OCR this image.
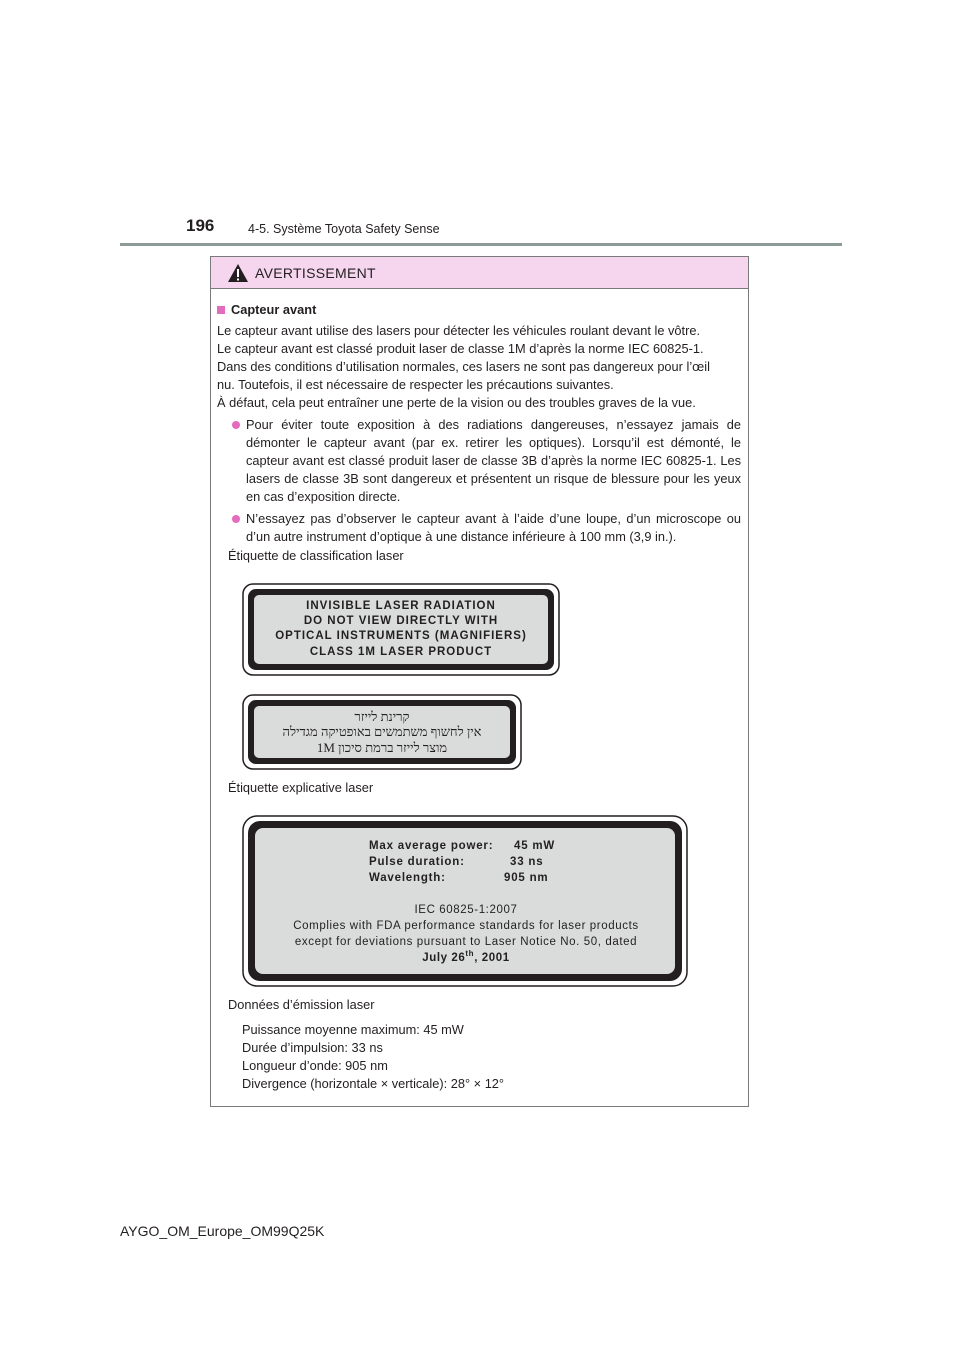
196	4-5. Système Toyota Safety Sense
AVERTISSEMENT
Capteur avant
Le capteur avant utilise des lasers pour détecter les véhicules roulant devant le vôtre.
Le capteur avant est classé produit laser de classe 1M d’après la norme IEC 60825-1.
Dans des conditions d’utilisation normales, ces lasers ne sont pas dangereux pour l’œil
nu. Toutefois, il est nécessaire de respecter les précautions suivantes.
À défaut, cela peut entraîner une perte de la vision ou des troubles graves de la vue.
Pour éviter toute exposition à des radiations dangereuses, n’essayez jamais de démonter le capteur avant (par ex. retirer les optiques). Lorsqu’il est démonté, le capteur avant est classé produit laser de classe 3B d’après la norme IEC 60825-1. Les lasers de classe 3B sont dangereux et présentent un risque de blessure pour les yeux en cas d’exposition directe.
N’essayez pas d’observer le capteur avant à l’aide d’une loupe, d’un microscope ou d’un autre instrument d’optique à une distance inférieure à 100 mm (3,9 in.).
Étiquette de classification laser
INVISIBLE LASER RADIATION
DO NOT VIEW DIRECTLY WITH
OPTICAL INSTRUMENTS (MAGNIFIERS)
CLASS 1M LASER PRODUCT
קרינת לייזר
אין לחשוף משתמשים באופטיקה מגדילה
מוצר לייזר ברמת סיכון 1M
Étiquette explicative laser
Max average power: 45 mW
Pulse duration:	33 ns
Wavelength:	905 nm
IEC 60825-1:2007
Complies with FDA performance standards for laser products
except for deviations pursuant to Laser Notice No. 50, dated
July 26th, 2001
Données d’émission laser
Puissance moyenne maximum: 45 mW
Durée d’impulsion: 33 ns
Longueur d’onde: 905 nm
Divergence (horizontale × verticale): 28° × 12°
AYGO_OM_Europe_OM99Q25K
